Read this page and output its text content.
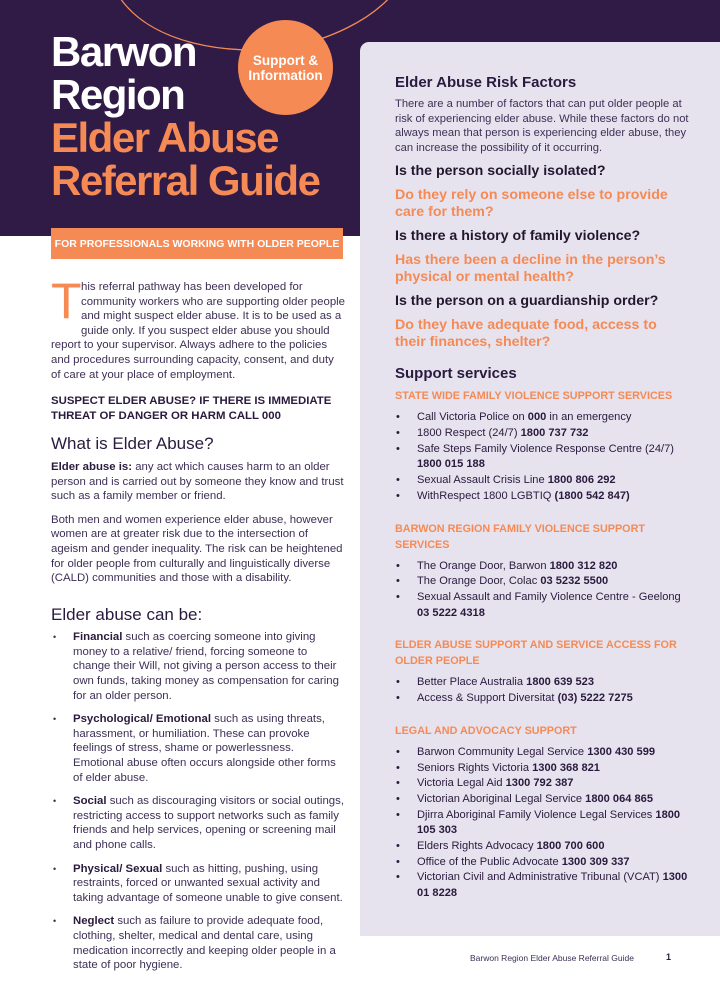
Barwon
Region
Elder Abuse
Referral Guide
Support &
Information
FOR PROFESSIONALS WORKING WITH OLDER PEOPLE
This referral pathway has been developed for community workers who are supporting older people and might suspect elder abuse. It is to be used as a guide only. If you suspect elder abuse you should report to your supervisor. Always adhere to the policies and procedures surrounding capacity, consent, and duty of care at your place of employment.
SUSPECT ELDER ABUSE? IF THERE IS IMMEDIATE THREAT OF DANGER OR HARM CALL 000
What is Elder Abuse?
Elder abuse is: any act which causes harm to an older person and is carried out by someone they know and trust such as a family member or friend.
Both men and women experience elder abuse, however women are at greater risk due to the intersection of ageism and gender inequality. The risk can be heightened for older people from culturally and linguistically diverse (CALD) communities and those with a disability.
Elder abuse can be:
• Financial such as coercing someone into giving money to a relative/ friend, forcing someone to change their Will, not giving a person access to their own funds, taking money as compensation for caring for an older person.
• Psychological/ Emotional such as using threats, harassment, or humiliation. These can provoke feelings of stress, shame or powerlessness. Emotional abuse often occurs alongside other forms of elder abuse.
• Social such as discouraging visitors or social outings, restricting access to support networks such as family friends and help services, opening or screening mail and phone calls.
• Physical/ Sexual such as hitting, pushing, using restraints, forced or unwanted sexual activity and taking advantage of someone unable to give consent.
• Neglect such as failure to provide adequate food, clothing, shelter, medical and dental care, using medication incorrectly and keeping older people in a state of poor hygiene.
Elder Abuse Risk Factors
There are a number of factors that can put older people at risk of experiencing elder abuse. While these factors do not always mean that person is experiencing elder abuse, they can increase the possibility of it occurring.
Is the person socially isolated?
Do they rely on someone else to provide care for them?
Is there a history of family violence?
Has there been a decline in the person’s physical or mental health?
Is the person on a guardianship order?
Do they have adequate food, access to their finances, shelter?
Support services
STATE WIDE FAMILY VIOLENCE SUPPORT SERVICES
• Call Victoria Police on 000 in an emergency
• 1800 Respect (24/7) 1800 737 732
• Safe Steps Family Violence Response Centre (24/7) 1800 015 188
• Sexual Assault Crisis Line 1800 806 292
• WithRespect 1800 LGBTIQ (1800 542 847)
BARWON REGION FAMILY VIOLENCE SUPPORT SERVICES
• The Orange Door, Barwon 1800 312 820
• The Orange Door, Colac 03 5232 5500
• Sexual Assault and Family Violence Centre - Geelong 03 5222 4318
ELDER ABUSE SUPPORT AND SERVICE ACCESS FOR OLDER PEOPLE
• Better Place Australia 1800 639 523
• Access & Support Diversitat (03) 5222 7275
LEGAL AND ADVOCACY SUPPORT
• Barwon Community Legal Service 1300 430 599
• Seniors Rights Victoria 1300 368 821
• Victoria Legal Aid 1300 792 387
• Victorian Aboriginal Legal Service 1800 064 865
• Djirra Aboriginal Family Violence Legal Services 1800 105 303
• Elders Rights Advocacy 1800 700 600
• Office of the Public Advocate 1300 309 337
• Victorian Civil and Administrative Tribunal (VCAT) 1300 01 8228
Barwon Region Elder Abuse Referral Guide	1
